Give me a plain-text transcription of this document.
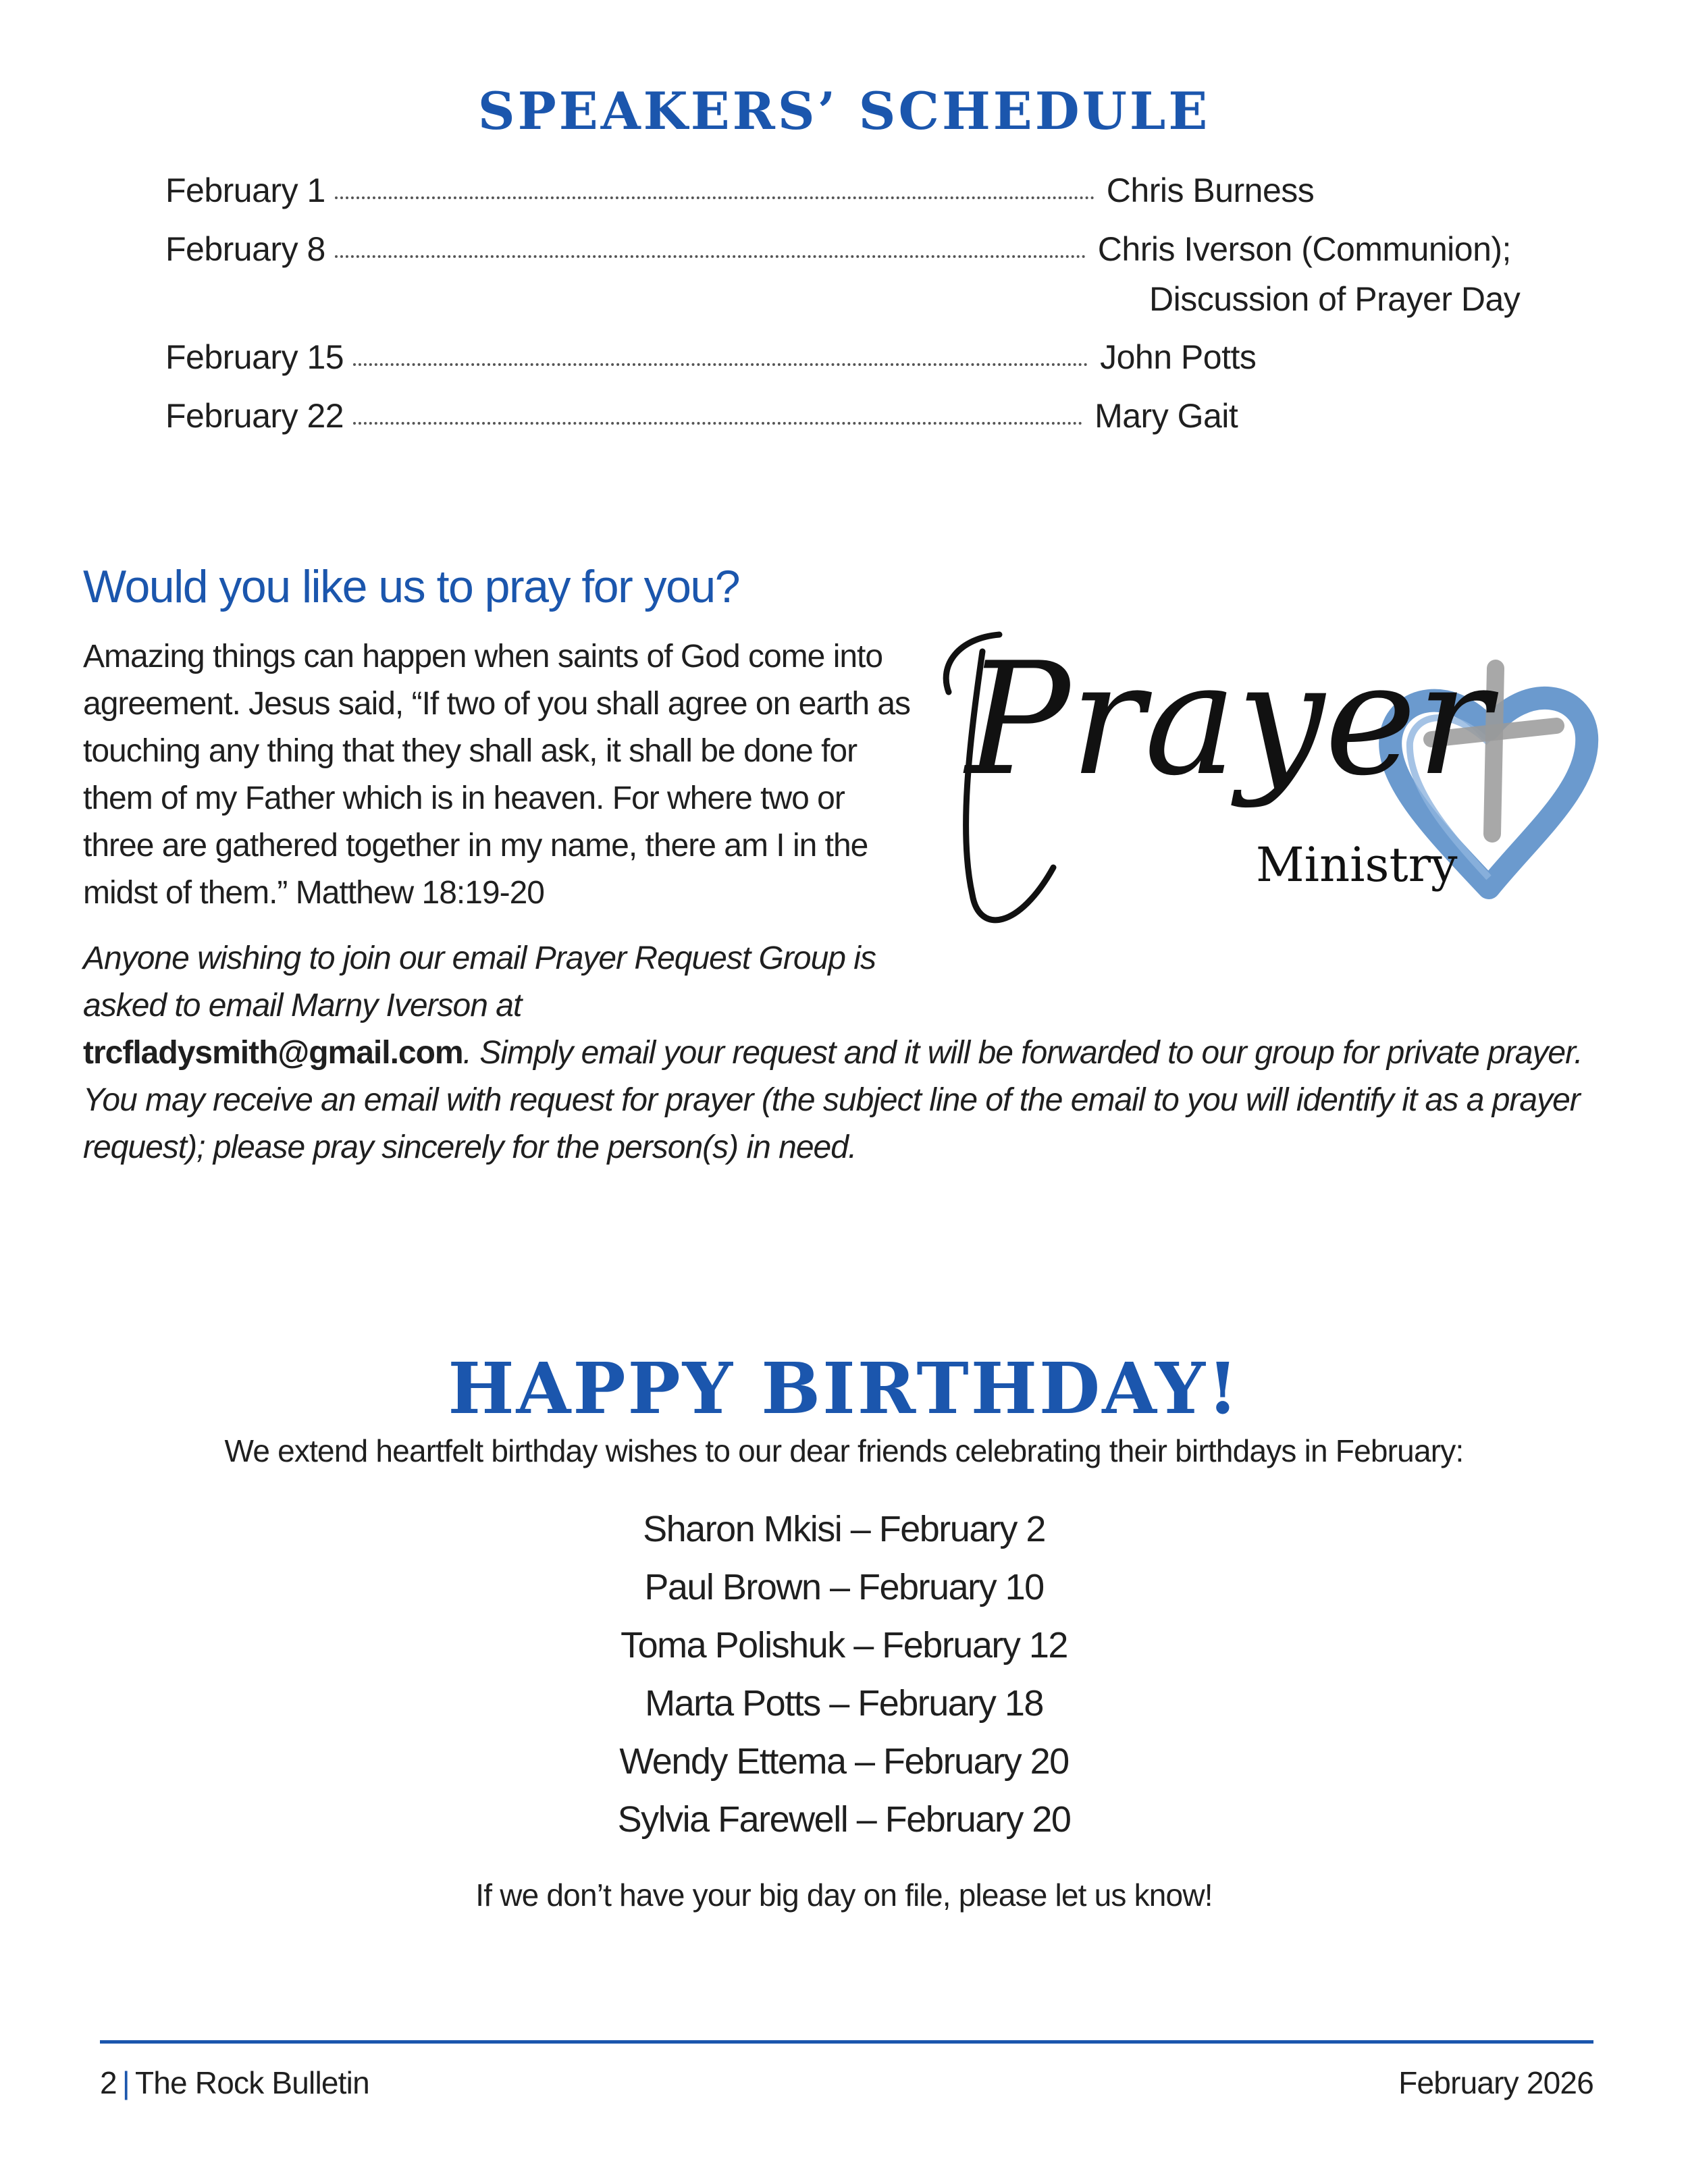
SPEAKERS’ SCHEDULE
February 1	Chris Burness
February 8	Chris Iverson (Communion);
Discussion of Prayer Day
February 15	John Potts
February 22	Mary Gait
Would you like us to pray for you?
Amazing things can happen when saints of God come into agreement. Jesus said, “If two of you shall agree on earth as touching any thing that they shall ask, it shall be done for them of my Father which is in heaven. For where two or three are gathered together in my name, there am I in the midst of them.” Matthew 18:19-20
Anyone wishing to join our email Prayer Request Group is asked to email Marny Iverson at
trcfladysmith@gmail.com. Simply email your request and it will be forwarded to our group for private prayer. You may receive an email with request for prayer (the subject line of the email to you will identify it as a prayer request); please pray sincerely for the person(s) in need.
Prayer
Ministry
HAPPY BIRTHDAY!
We extend heartfelt birthday wishes to our dear friends celebrating their birthdays in February:
Sharon Mkisi – February 2
Paul Brown – February 10
Toma Polishuk – February 12
Marta Potts – February 18
Wendy Ettema – February 20
Sylvia Farewell – February 20
If we don’t have your big day on file, please let us know!
2 | The Rock Bulletin	February 2026
